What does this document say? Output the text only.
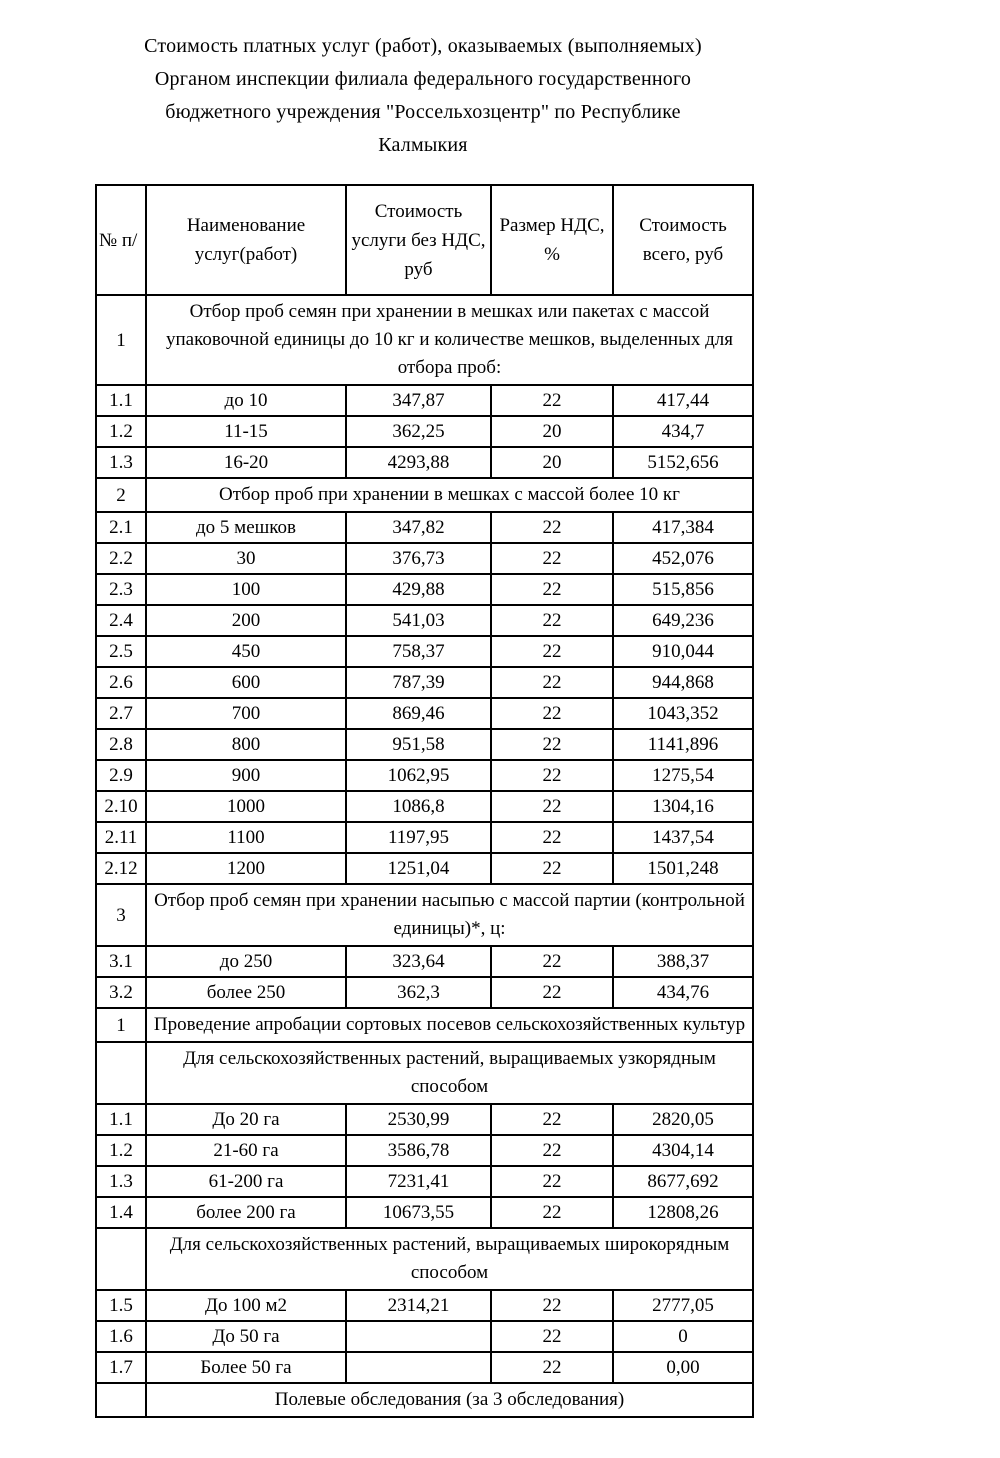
Стоимость платных услуг (работ), оказываемых (выполняемых)
Органом инспекции филиала федерального государственного
бюджетного учреждения "Россельхозцентр" по Республике
Калмыкия
№ п/	Наименование услуг(работ)	Стоимость услуги без НДС, руб	Размер НДС, %	Стоимость всего, руб
1	Отбор проб семян при хранении в мешках или пакетах с массой упаковочной единицы до 10 кг и количестве мешков, выделенных для отбора проб:			
1.1	до 10	347,87	22	417,44
1.2	11-15	362,25	20	434,7
1.3	16-20	4293,88	20	5152,656
2	Отбор проб при хранении в мешках с массой более 10 кг			
2.1	до 5 мешков	347,82	22	417,384
2.2	30	376,73	22	452,076
2.3	100	429,88	22	515,856
2.4	200	541,03	22	649,236
2.5	450	758,37	22	910,044
2.6	600	787,39	22	944,868
2.7	700	869,46	22	1043,352
2.8	800	951,58	22	1141,896
2.9	900	1062,95	22	1275,54
2.10	1000	1086,8	22	1304,16
2.11	1100	1197,95	22	1437,54
2.12	1200	1251,04	22	1501,248
3	Отбор проб семян при хранении насыпью с массой партии (контрольной единицы)*, ц:			
3.1	до 250	323,64	22	388,37
3.2	более 250	362,3	22	434,76
1	Проведение апробации сортовых посевов сельскохозяйственных культур			
	Для сельскохозяйственных растений, выращиваемых узкорядным способом			
1.1	До 20 га	2530,99	22	2820,05
1.2	21-60 га	3586,78	22	4304,14
1.3	61-200 га	7231,41	22	8677,692
1.4	более 200 га	10673,55	22	12808,26
	Для сельскохозяйственных растений, выращиваемых широкорядным способом			
1.5	До 100 м2	2314,21	22	2777,05
1.6	До 50 га		22	0
1.7	Более 50 га		22	0,00
	Полевые обследования (за 3 обследования)			
